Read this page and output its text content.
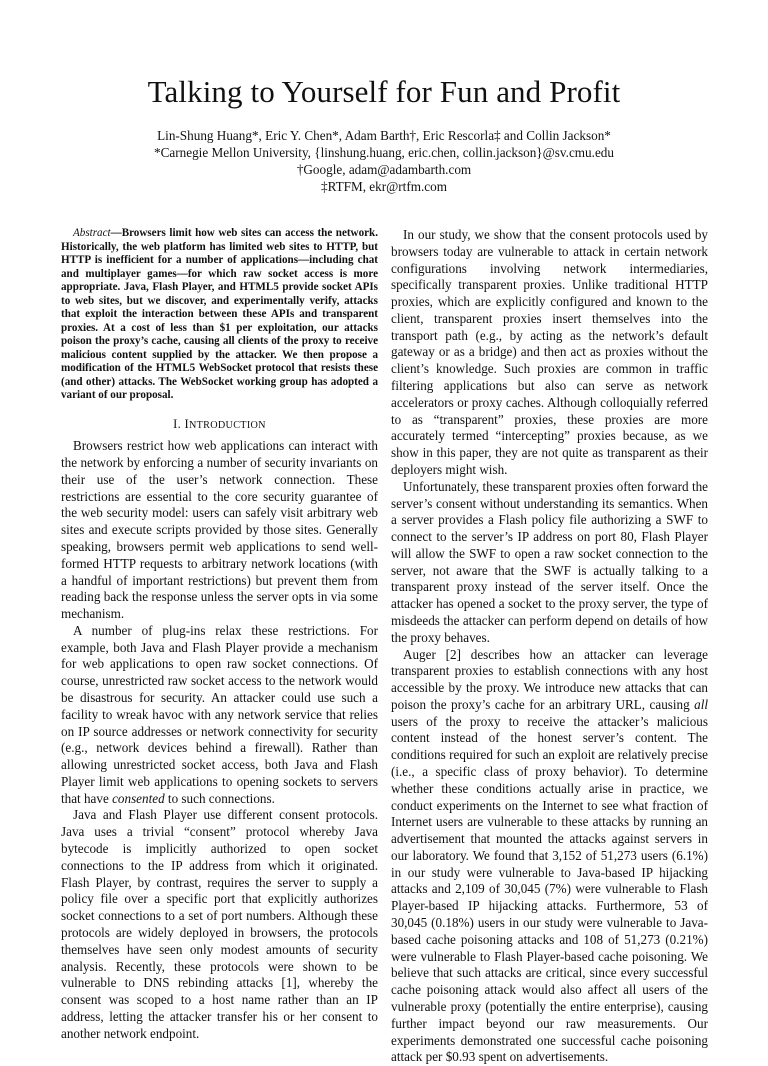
Talking to Yourself for Fun and Profit
Lin-Shung Huang*, Eric Y. Chen*, Adam Barth†, Eric Rescorla‡ and Collin Jackson*
*Carnegie Mellon University, {linshung.huang, eric.chen, collin.jackson}@sv.cmu.edu
†Google, adam@adambarth.com
‡RTFM, ekr@rtfm.com

Abstract—Browsers limit how web sites can access the network. Historically, the web platform has limited web sites to HTTP, but HTTP is inefficient for a number of applications—including chat and multiplayer games—for which raw socket access is more appropriate. Java, Flash Player, and HTML5 provide socket APIs to web sites, but we discover, and experimentally verify, attacks that exploit the interaction between these APIs and transparent proxies. At a cost of less than $1 per exploitation, our attacks poison the proxy’s cache, causing all clients of the proxy to receive malicious content supplied by the attacker. We then propose a modification of the HTML5 WebSocket protocol that resists these (and other) attacks. The WebSocket working group has adopted a variant of our proposal.

I. INTRODUCTION

Browsers restrict how web applications can interact with the network by enforcing a number of security invariants on their use of the user’s network connection. These restrictions are essential to the core security guarantee of the web security model: users can safely visit arbitrary web sites and execute scripts provided by those sites. Generally speaking, browsers permit web applications to send well-formed HTTP requests to arbitrary network locations (with a handful of important restrictions) but prevent them from reading back the response unless the server opts in via some mechanism.

A number of plug-ins relax these restrictions. For example, both Java and Flash Player provide a mechanism for web applications to open raw socket connections. Of course, unrestricted raw socket access to the network would be disastrous for security. An attacker could use such a facility to wreak havoc with any network service that relies on IP source addresses or network connectivity for security (e.g., network devices behind a firewall). Rather than allowing unrestricted socket access, both Java and Flash Player limit web applications to opening sockets to servers that have consented to such connections.

Java and Flash Player use different consent protocols. Java uses a trivial “consent” protocol whereby Java bytecode is implicitly authorized to open socket connections to the IP address from which it originated. Flash Player, by contrast, requires the server to supply a policy file over a specific port that explicitly authorizes socket connections to a set of port numbers. Although these protocols are widely deployed in browsers, the protocols themselves have seen only modest amounts of security analysis. Recently, these protocols were shown to be vulnerable to DNS rebinding attacks [1], whereby the consent was scoped to a host name rather than an IP address, letting the attacker transfer his or her consent to another network endpoint.

In our study, we show that the consent protocols used by browsers today are vulnerable to attack in certain network configurations involving network intermediaries, specifically transparent proxies. Unlike traditional HTTP proxies, which are explicitly configured and known to the client, transparent proxies insert themselves into the transport path (e.g., by acting as the network’s default gateway or as a bridge) and then act as proxies without the client’s knowledge. Such proxies are common in traffic filtering applications but also can serve as network accelerators or proxy caches. Although colloquially referred to as “transparent” proxies, these proxies are more accurately termed “intercepting” proxies because, as we show in this paper, they are not quite as transparent as their deployers might wish.

Unfortunately, these transparent proxies often forward the server’s consent without understanding its semantics. When a server provides a Flash policy file authorizing a SWF to connect to the server’s IP address on port 80, Flash Player will allow the SWF to open a raw socket connection to the server, not aware that the SWF is actually talking to a transparent proxy instead of the server itself. Once the attacker has opened a socket to the proxy server, the type of misdeeds the attacker can perform depend on details of how the proxy behaves.

Auger [2] describes how an attacker can leverage transparent proxies to establish connections with any host accessible by the proxy. We introduce new attacks that can poison the proxy’s cache for an arbitrary URL, causing all users of the proxy to receive the attacker’s malicious content instead of the honest server’s content. The conditions required for such an exploit are relatively precise (i.e., a specific class of proxy behavior). To determine whether these conditions actually arise in practice, we conduct experiments on the Internet to see what fraction of Internet users are vulnerable to these attacks by running an advertisement that mounted the attacks against servers in our laboratory. We found that 3,152 of 51,273 users (6.1%) in our study were vulnerable to Java-based IP hijacking attacks and 2,109 of 30,045 (7%) were vulnerable to Flash Player-based IP hijacking attacks. Furthermore, 53 of 30,045 (0.18%) users in our study were vulnerable to Java-based cache poisoning attacks and 108 of 51,273 (0.21%) were vulnerable to Flash Player-based cache poisoning. We believe that such attacks are critical, since every successful cache poisoning attack would also affect all users of the vulnerable proxy (potentially the entire enterprise), causing further impact beyond our raw measurements. Our experiments demonstrated one successful cache poisoning attack per $0.93 spent on advertisements.
